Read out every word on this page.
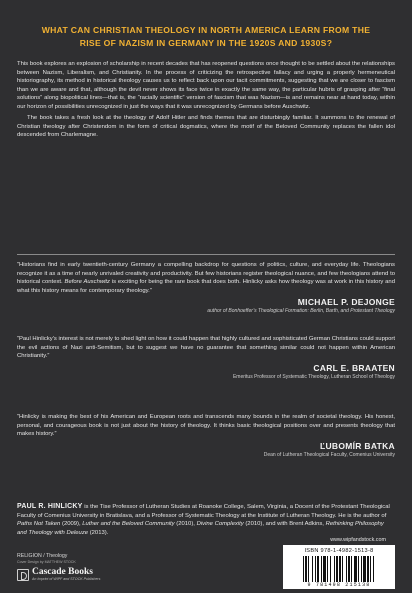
WHAT CAN CHRISTIAN THEOLOGY IN NORTH AMERICA LEARN FROM THE RISE OF NAZISM IN GERMANY IN THE 1920S AND 1930S?

This book explores an explosion of scholarship in recent decades that has reopened questions once thought to be settled about the relationships between Nazism, Liberalism, and Christianity. In the process of criticizing the retrospective fallacy and urging a properly hermeneutical historiography, its method in historical theology causes us to reflect back upon our tacit commitments, suggesting that we are closer to fascism than we are aware and that, although the devil never shows its face twice in exactly the same way, the particular hubris of grasping after “final solutions” along biopolitical lines—that is, the “racially scientific” version of fascism that was Nazism—is and remains near at hand today, within our horizon of possibilities unrecognized in just the ways that it was unrecognized by Germans before Auschwitz.

The book takes a fresh look at the theology of Adolf Hitler and finds themes that are disturbingly familiar. It summons to the renewal of Christian theology after Christendom in the form of critical dogmatics, where the motif of the Beloved Community replaces the fallen idol descended from Charlemagne.

“Historians find in early twentieth-century Germany a compelling backdrop for questions of politics, culture, and everyday life. Theologians recognize it as a time of nearly unrivaled creativity and productivity. But few historians register theological nuance, and few theologians attend to historical context. Before Auschwitz is exciting for being the rare book that does both. Hinlicky asks how theology was at work in this history and what this history means for contemporary theology.”

MICHAEL P. DEJONGE
author of Bonhoeffer’s Theological Formation: Berlin, Barth, and Protestant Theology

“Paul Hinlicky’s interest is not merely to shed light on how it could happen that highly cultured and sophisticated German Christians could support the evil actions of Nazi anti-Semitism, but to suggest we have no guarantee that something similar could not happen within American Christianity.”

CARL E. BRAATEN
Emeritus Professor of Systematic Theology, Lutheran School of Theology

“Hinlicky is making the best of his American and European roots and transcends many bounds in the realm of societal theology. His honest, personal, and courageous book is not just about the history of theology. It thinks basic theological positions over and presents theology that makes history.”

ĽUBOMÍR BATKA
Dean of Lutheran Theological Faculty, Comenius University
PAUL R. HINLICKY is the Tise Professor of Lutheran Studies at Roanoke College, Salem, Virginia, a Docent of the Protestant Theological Faculty of Comenius University in Bratislava, and a Professor of Systematic Theology at the Institute of Lutheran Theology. He is the author of Paths Not Taken (2009), Luther and the Beloved Community (2010), Divine Complexity (2010), and with Brent Adkins, Rethinking Philosophy and Theology with Deleuze (2013).
www.wipfandstock.com
RELIGION / Theology
Cover Design by MATTHEW STOCK
Cascade Books
An Imprint of WIPF and STOCK Publishers
ISBN 978-1-4982-1513-8
9 781498 215138
